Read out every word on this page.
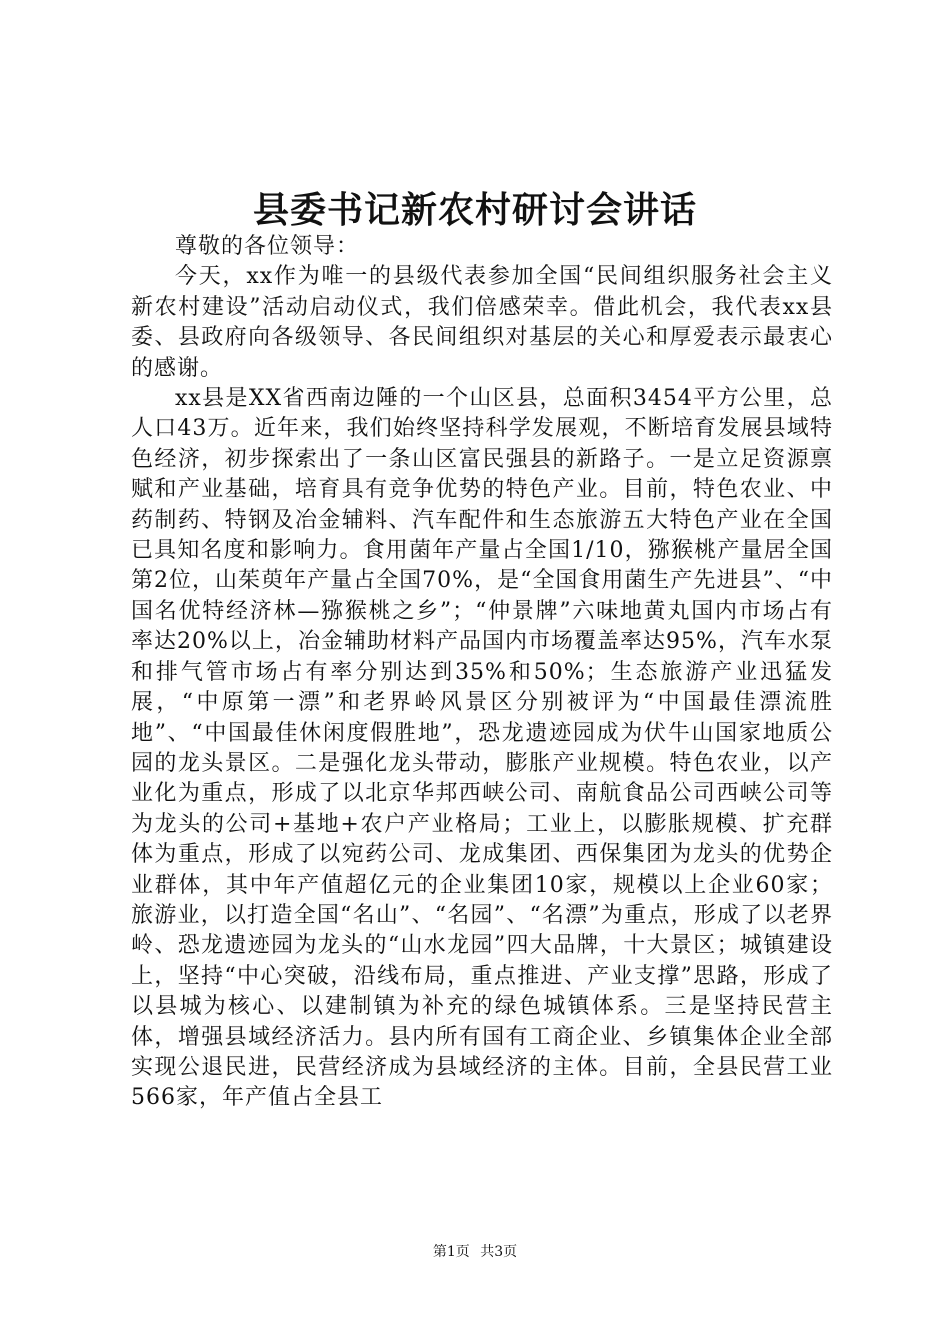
县委书记新农村研讨会讲话

尊敬的各位领导：

今天，xx作为唯一的县级代表参加全国“民间组织服务社会主义新农村建设”活动启动仪式，我们倍感荣幸。借此机会，我代表xx县委、县政府向各级领导、各民间组织对基层的关心和厚爱表示最衷心的感谢。

xx县是XX省西南边陲的一个山区县，总面积3454平方公里，总人口43万。近年来，我们始终坚持科学发展观，不断培育发展县域特色经济，初步探索出了一条山区富民强县的新路子。一是立足资源禀赋和产业基础，培育具有竞争优势的特色产业。目前，特色农业、中药制药、特钢及冶金辅料、汽车配件和生态旅游五大特色产业在全国已具知名度和影响力。食用菌年产量占全国1/10，猕猴桃产量居全国第2位，山茱萸年产量占全国70%，是“全国食用菌生产先进县”、“中国名优特经济林—猕猴桃之乡”；“仲景牌”六味地黄丸国内市场占有率达20%以上，冶金辅助材料产品国内市场覆盖率达95%，汽车水泵和排气管市场占有率分别达到35%和50%；生态旅游产业迅猛发展，“中原第一漂”和老界岭风景区分别被评为“中国最佳漂流胜地”、“中国最佳休闲度假胜地”，恐龙遗迹园成为伏牛山国家地质公园的龙头景区。二是强化龙头带动，膨胀产业规模。特色农业，以产业化为重点，形成了以北京华邦西峡公司、南航食品公司西峡公司等为龙头的公司+基地+农户产业格局；工业上，以膨胀规模、扩充群体为重点，形成了以宛药公司、龙成集团、西保集团为龙头的优势企业群体，其中年产值超亿元的企业集团10家，规模以上企业60家；旅游业，以打造全国“名山”、“名园”、“名漂”为重点，形成了以老界岭、恐龙遗迹园为龙头的“山水龙园”四大品牌，十大景区；城镇建设上，坚持“中心突破，沿线布局，重点推进、产业支撑”思路，形成了以县城为核心、以建制镇为补充的绿色城镇体系。三是坚持民营主体，增强县域经济活力。县内所有国有工商企业、乡镇集体企业全部实现公退民进，民营经济成为县域经济的主体。目前，全县民营工业566家，年产值占全县工

第1页 共3页
